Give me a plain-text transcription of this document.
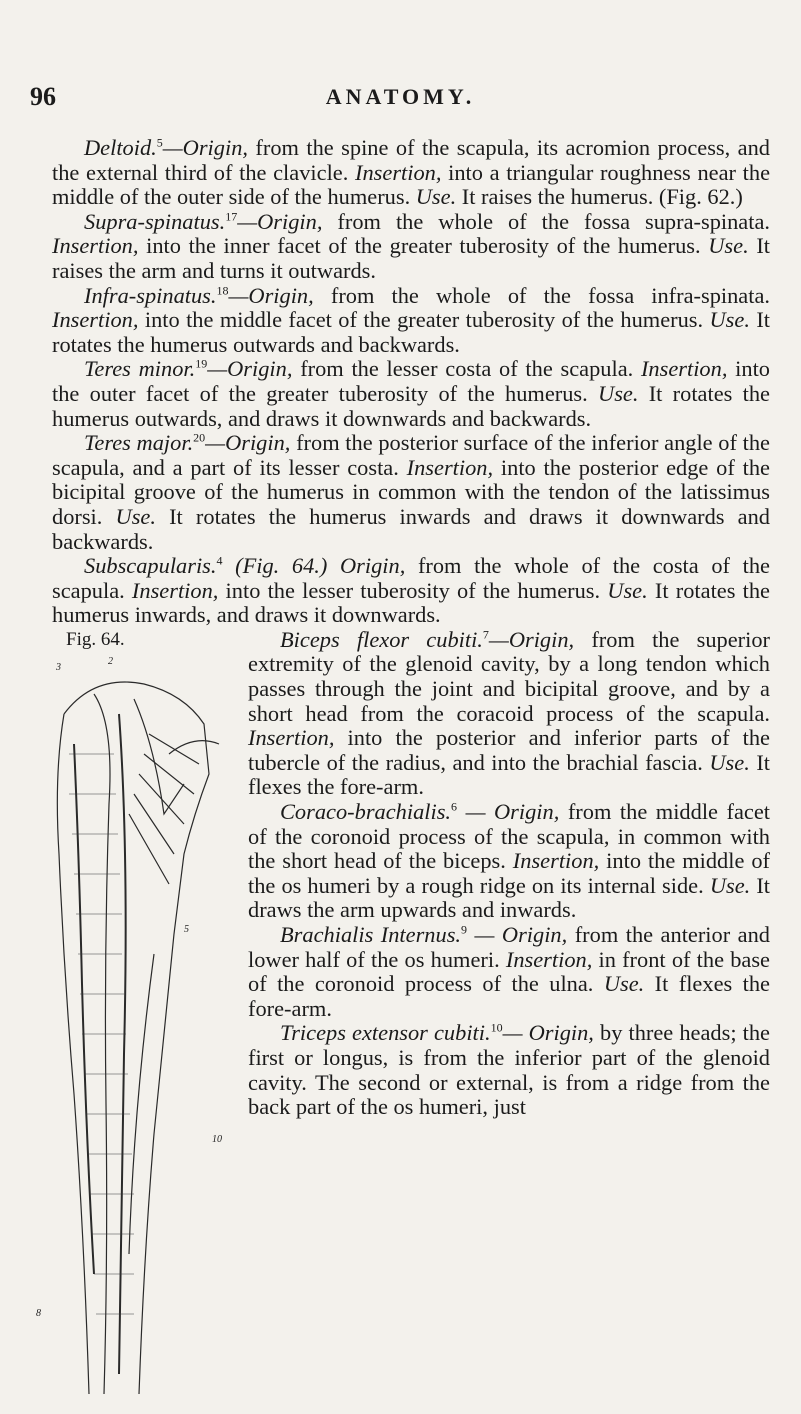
96	ANATOMY.

Deltoid.$^5$—Origin, from the spine of the scapula, its acromion process, and the external third of the clavicle. Insertion, into a triangular roughness near the middle of the outer side of the humerus. Use. It raises the humerus. (Fig. 62.)

Supra-spinatus.$^{17}$—Origin, from the whole of the fossa supra-spinata. Insertion, into the inner facet of the greater tuberosity of the humerus. Use. It raises the arm and turns it outwards.

Infra-spinatus.$^{18}$—Origin, from the whole of the fossa infra-spinata. Insertion, into the middle facet of the greater tuberosity of the humerus. Use. It rotates the humerus outwards and backwards.

Teres minor.$^{19}$—Origin, from the lesser costa of the scapula. Insertion, into the outer facet of the greater tuberosity of the humerus. Use. It rotates the humerus outwards, and draws it downwards and backwards.

Teres major.$^{20}$—Origin, from the posterior surface of the inferior angle of the scapula, and a part of its lesser costa. Insertion, into the posterior edge of the bicipital groove of the humerus in common with the tendon of the latissimus dorsi. Use. It rotates the humerus inwards and draws it downwards and backwards.

Subscapularis.$^4$ (Fig. 64.) Origin, from the whole of the costa of the scapula. Insertion, into the lesser tuberosity of the humerus. Use. It rotates the humerus inwards, and draws it downwards.

Fig. 64.
3
2
5
10
8

Biceps flexor cubiti.$^7$—Origin, from the superior extremity of the glenoid cavity, by a long tendon which passes through the joint and bicipital groove, and by a short head from the coracoid process of the scapula. Insertion, into the posterior and inferior parts of the tubercle of the radius, and into the brachial fascia. Use. It flexes the fore-arm.

Coraco-brachialis.$^6$ — Origin, from the middle facet of the coronoid process of the scapula, in common with the short head of the biceps. Insertion, into the middle of the os humeri by a rough ridge on its internal side. Use. It draws the arm upwards and inwards.

Brachialis Internus.$^9$ — Origin, from the anterior and lower half of the os humeri. Insertion, in front of the base of the coronoid process of the ulna. Use. It flexes the fore-arm.

Triceps extensor cubiti.$^{10}$— Origin, by three heads; the first or longus, is from the inferior part of the glenoid cavity. The second or external, is from a ridge from the back part of the os humeri, just
